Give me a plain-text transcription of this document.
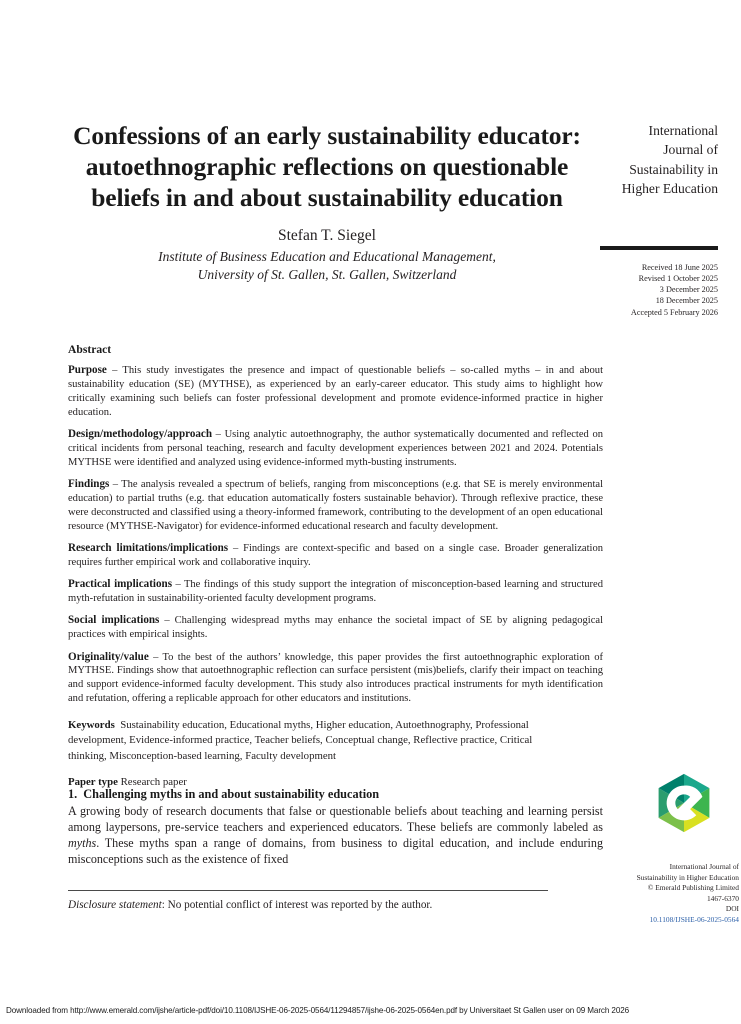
Confessions of an early sustainability educator: autoethnographic reflections on questionable beliefs in and about sustainability education

Stefan T. Siegel

Institute of Business Education and Educational Management,
University of St. Gallen, St. Gallen, Switzerland

International
Journal of
Sustainability in
Higher Education
Received 18 June 2025
Revised 1 October 2025
3 December 2025
18 December 2025
Accepted 5 February 2026
Abstract

Purpose – This study investigates the presence and impact of questionable beliefs – so-called myths – in and about sustainability education (SE) (MYTHSE), as experienced by an early-career educator. This study aims to highlight how critically examining such beliefs can foster professional development and promote evidence-informed practice in higher education.

Design/methodology/approach – Using analytic autoethnography, the author systematically documented and reflected on critical incidents from personal teaching, research and faculty development experiences between 2021 and 2024. Potentials MYTHSE were identified and analyzed using evidence-informed myth-busting instruments.

Findings – The analysis revealed a spectrum of beliefs, ranging from misconceptions (e.g. that SE is merely environmental education) to partial truths (e.g. that education automatically fosters sustainable behavior). Through reflexive practice, these were deconstructed and classified using a theory-informed framework, contributing to the development of an open educational resource (MYTHSE-Navigator) for evidence-informed educational research and faculty development.

Research limitations/implications – Findings are context-specific and based on a single case. Broader generalization requires further empirical work and collaborative inquiry.

Practical implications – The findings of this study support the integration of misconception-based learning and structured myth-refutation in sustainability-oriented faculty development programs.

Social implications – Challenging widespread myths may enhance the societal impact of SE by aligning pedagogical practices with empirical insights.

Originality/value – To the best of the authors’ knowledge, this paper provides the first autoethnographic exploration of MYTHSE. Findings show that autoethnographic reflection can surface persistent (mis)beliefs, clarify their impact on teaching and support evidence-informed faculty development. This study also introduces practical instruments for myth identification and refutation, offering a replicable approach for other educators and institutions.

Keywords Sustainability education, Educational myths, Higher education, Autoethnography, Professional development, Evidence-informed practice, Teacher beliefs, Conceptual change, Reflective practice, Critical thinking, Misconception-based learning, Faculty development

Paper type Research paper

1. Challenging myths in and about sustainability education

A growing body of research documents that false or questionable beliefs about teaching and learning persist among laypersons, pre-service teachers and experienced educators. These beliefs are commonly labeled as myths. These myths span a range of domains, from business to digital education, and include enduring misconceptions such as the existence of fixed

International Journal of
Sustainability in Higher Education
© Emerald Publishing Limited
1467-6370
DOI
10.1108/IJSHE-06-2025-0564
Disclosure statement: No potential conflict of interest was reported by the author.
Downloaded from http://www.emerald.com/ijshe/article-pdf/doi/10.1108/IJSHE-06-2025-0564/11294857/ijshe-06-2025-0564en.pdf by Universitaet St Gallen user on 09 March 2026
